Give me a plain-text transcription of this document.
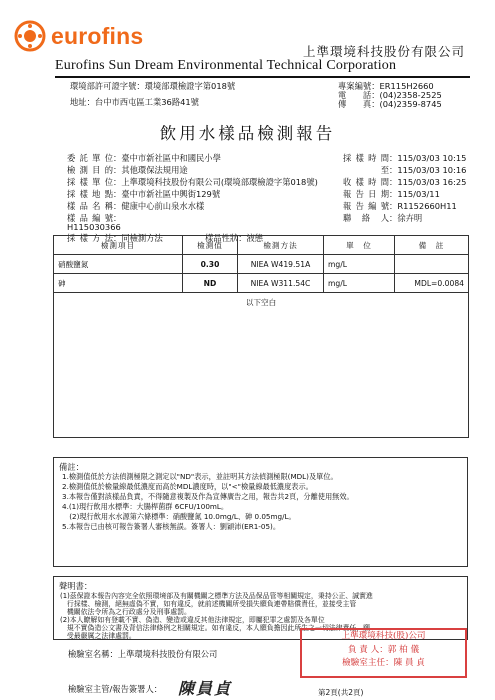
eurofins
上準環境科技股份有限公司
Eurofins Sun Dream Environmental Technical Corporation
環境部許可證字號：環境部環檢證字第018號
地址：台中市西屯區工業36路41號
專案編號：ER115H2660
電　　話：(04)2358-2525
傳　　真：(04)2359-8745
飲用水樣品檢測報告
委託單位：臺中市新社區中和國民小學
檢測目的：其他環保法規用途
採樣單位：上準環境科技股份有限公司(環境部環檢證字第018號)
採樣地點：臺中市新社區中興街129號
樣品名稱：健康中心前山泉水水樣
樣品編號：
H115030366
採樣方法：同檢測方法	樣品性狀：液態
採樣時間：115/03/03 10:15
至：115/03/03 10:16
收樣時間：115/03/03 16:25
報告日期：115/03/11
報告編號：R1152660H11
聯 絡 人：徐卉明
檢測項目	檢測值	檢測方法	單　位	備　註
硝酸鹽氮	0.30	NIEA W419.51A	mg/L	
砷	ND	NIEA W311.54C	mg/L	MDL=0.0084
以下空白				
備註：
1.檢測值低於方法偵測極限之測定以"ND"表示，並註明其方法偵測極限(MDL)及單位。
2.檢測值低於檢量線最低濃度而高於MDL濃度時，以"<"檢量線最低濃度表示。
3.本報告僅對該樣品負責，不得隨意複製及作為宣傳廣告之用，報告共2頁，分離使用無效。
4.(1)現行飲用水標準：大腸桿菌群 6CFU/100mL。
　(2)現行飲用水水源第六條標準：硝酸鹽氮 10.0mg/L、砷 0.05mg/L。
5.本報告已由核可報告簽署人審核無誤。簽署人：劉穎沛(ER1-05)。
聲明書：
(1)茲保證本報告內容完全依照環境部及有關機關之標準方法及品保品管等相關規定，秉持公正、誠實進
　行採樣、檢測，絕無虛偽不實，如有違反，就前述機關所受損失願負連帶賠償責任，並接受主管
　機關依法令所為之行政處分及刑事處罰。
(2)本人瞭解如有登載不實、偽造、變造或違反其他法律規定，即屬犯罪之處罰及各單位
　規不實偽造公文書及背信法律條例之相關規定。如有違反，本人願負擔因此所生之一切法律責任，願
　受最嚴厲之法律處罰。
檢驗室名稱：上準環境科技股份有限公司
檢驗室主管/報告簽署人： 陳員貞
上準環境科技(股)公司
負 責 人：郭 柏 儀
檢驗室主任：陳 員 貞
第2頁(共2頁)
